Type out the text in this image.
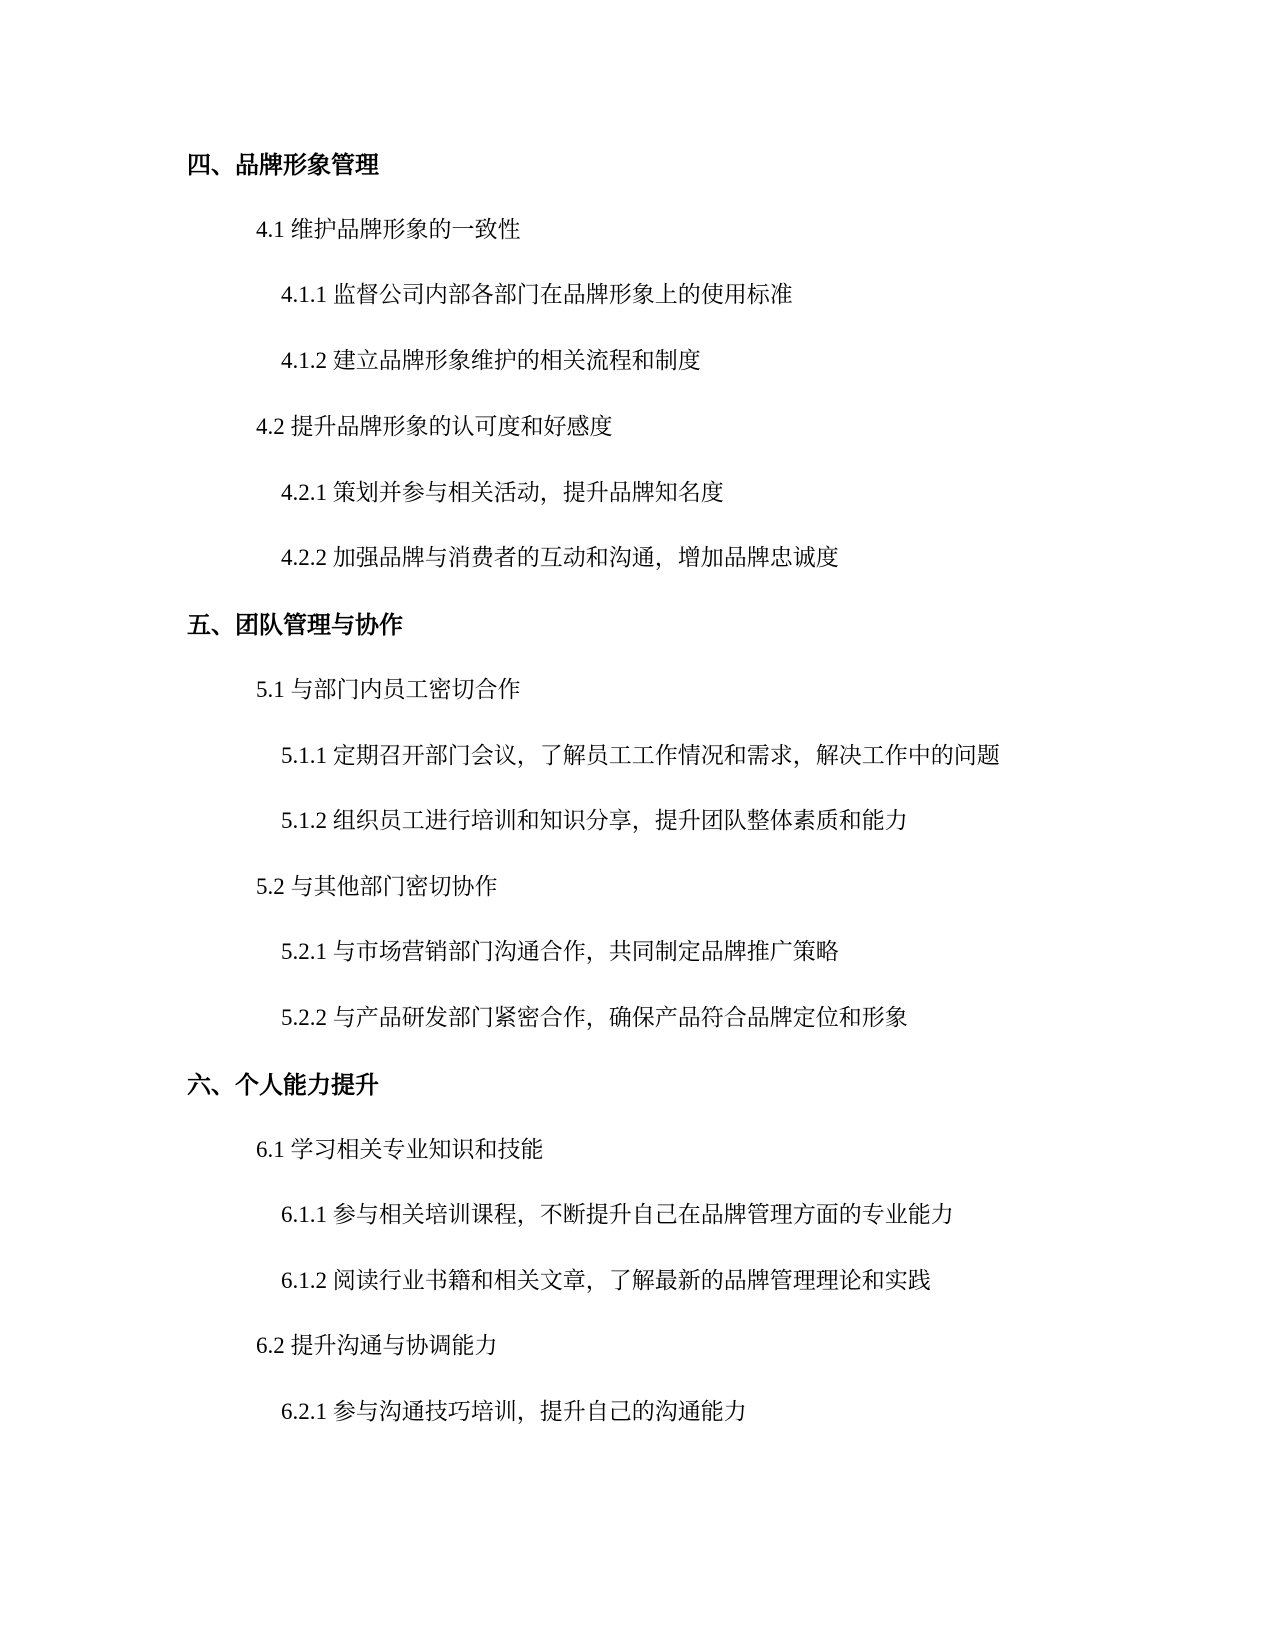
四、品牌形象管理
4.1 维护品牌形象的一致性
4.1.1 监督公司内部各部门在品牌形象上的使用标准
4.1.2 建立品牌形象维护的相关流程和制度
4.2 提升品牌形象的认可度和好感度
4.2.1 策划并参与相关活动，提升品牌知名度
4.2.2 加强品牌与消费者的互动和沟通，增加品牌忠诚度
五、团队管理与协作
5.1 与部门内员工密切合作
5.1.1 定期召开部门会议，了解员工工作情况和需求，解决工作中的问题
5.1.2 组织员工进行培训和知识分享，提升团队整体素质和能力
5.2 与其他部门密切协作
5.2.1 与市场营销部门沟通合作，共同制定品牌推广策略
5.2.2 与产品研发部门紧密合作，确保产品符合品牌定位和形象
六、个人能力提升
6.1 学习相关专业知识和技能
6.1.1 参与相关培训课程，不断提升自己在品牌管理方面的专业能力
6.1.2 阅读行业书籍和相关文章，了解最新的品牌管理理论和实践
6.2 提升沟通与协调能力
6.2.1 参与沟通技巧培训，提升自己的沟通能力
